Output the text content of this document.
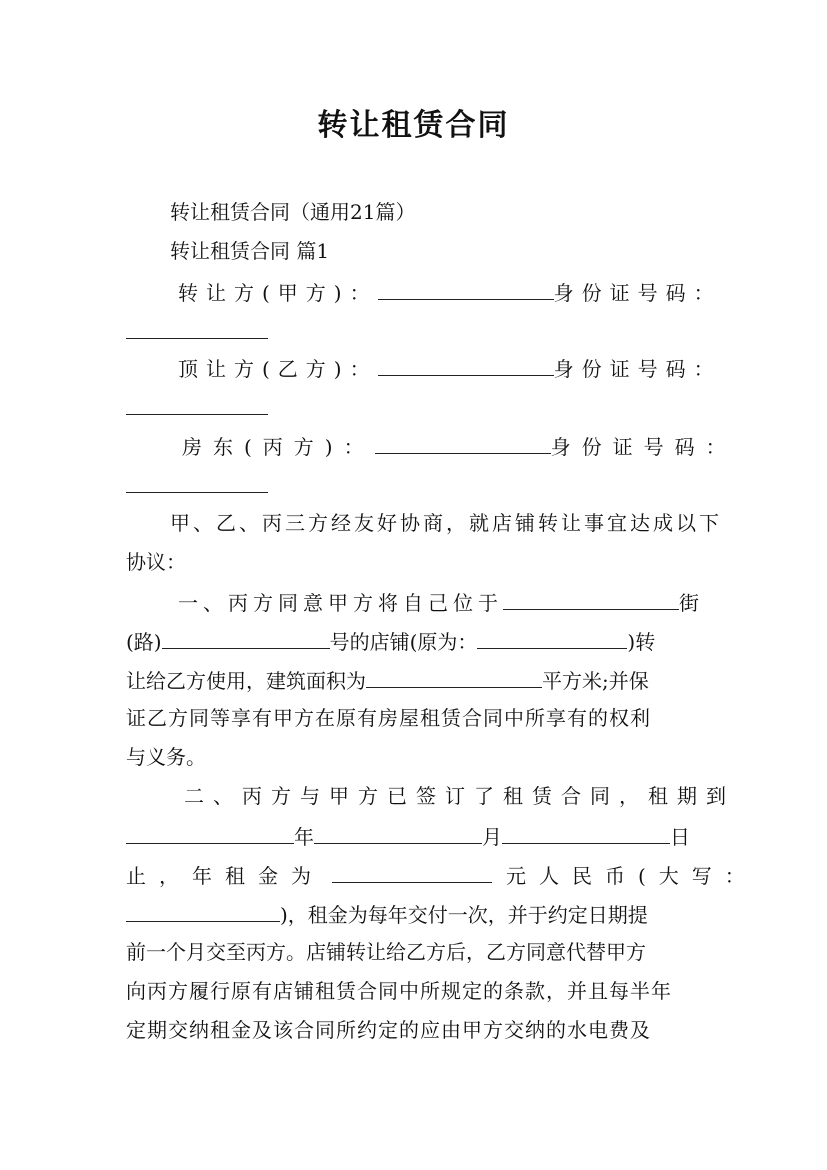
转让租赁合同
转让租赁合同（通用21篇）
转让租赁合同 篇1
转让方(甲方)：	身份证号码：
顶让方(乙方)：	身份证号码：
房东(丙方)：	身份证号码：
甲、乙、丙三方经友好协商，就店铺转让事宜达成以下
协议：
一、丙方同意甲方将自己位于	街
(路)	号的店铺(原为：	)转
让给乙方使用，建筑面积为	平方米;并保
证乙方同等享有甲方在原有房屋租赁合同中所享有的权利
与义务。
二、丙方与甲方已签订了租赁合同，租期到
年	月	日
止，年租金为	元人民币(大写：
)，租金为每年交付一次，并于约定日期提
前一个月交至丙方。店铺转让给乙方后，乙方同意代替甲方
向丙方履行原有店铺租赁合同中所规定的条款，并且每半年
定期交纳租金及该合同所约定的应由甲方交纳的水电费及
